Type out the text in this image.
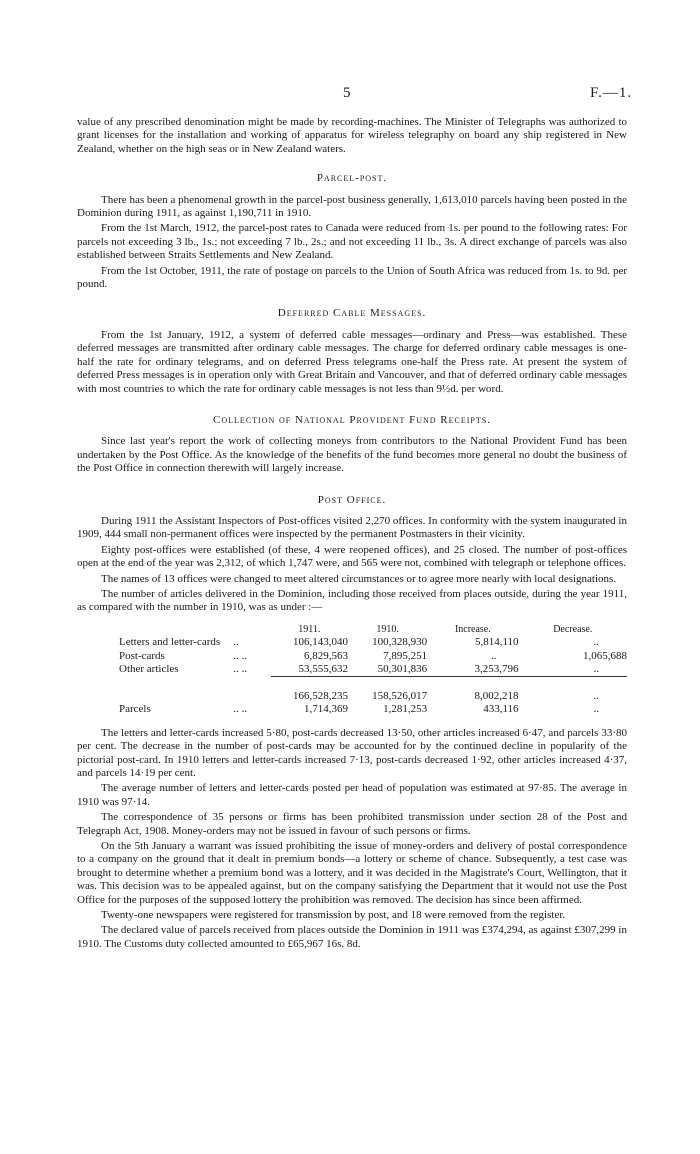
5	F.—1.

value of any prescribed denomination might be made by recording-machines. The Minister of Telegraphs was authorized to grant licenses for the installation and working of apparatus for wireless telegraphy on board any ship registered in New Zealand, whether on the high seas or in New Zealand waters.

Parcel-post.

There has been a phenomenal growth in the parcel-post business generally, 1,613,010 parcels having been posted in the Dominion during 1911, as against 1,190,711 in 1910.

From the 1st March, 1912, the parcel-post rates to Canada were reduced from 1s. per pound to the following rates: For parcels not exceeding 3 lb., 1s.; not exceeding 7 lb., 2s.; and not exceeding 11 lb., 3s. A direct exchange of parcels was also established between Straits Settlements and New Zealand.

From the 1st October, 1911, the rate of postage on parcels to the Union of South Africa was reduced from 1s. to 9d. per pound.

Deferred Cable Messages.

From the 1st January, 1912, a system of deferred cable messages—ordinary and Press—was established. These deferred messages are transmitted after ordinary cable messages. The charge for deferred ordinary cable messages is one-half the rate for ordinary telegrams, and on deferred Press telegrams one-half the Press rate. At present the system of deferred Press messages is in operation only with Great Britain and Vancouver, and that of deferred ordinary cable messages with most countries to which the rate for ordinary cable messages is not less than 9½d. per word.

Collection of National Provident Fund Receipts.

Since last year's report the work of collecting moneys from contributors to the National Provident Fund has been undertaken by the Post Office. As the knowledge of the benefits of the fund becomes more general no doubt the business of the Post Office in connection therewith will largely increase.

Post Office.

During 1911 the Assistant Inspectors of Post-offices visited 2,270 offices. In conformity with the system inaugurated in 1909, 444 small non-permanent offices were inspected by the permanent Postmasters in their vicinity.

Eighty post-offices were established (of these, 4 were reopened offices), and 25 closed. The number of post-offices open at the end of the year was 2,312, of which 1,747 were, and 565 were not, combined with telegraph or telephone offices.

The names of 13 offices were changed to meet altered circumstances or to agree more nearly with local designations.

The number of articles delivered in the Dominion, including those received from places outside, during the year 1911, as compared with the number in 1910, was as under :—

		1911.	1910.	Increase.	Decrease.
Letters and letter-cards	..	106,143,040	100,328,930	5,814,110	..
Post-cards	.. ..	6,829,563	7,895,251	..	1,065,688
Other articles	.. ..	53,555,632	50,301,836	3,253,796	..

		166,528,235	158,526,017	8,002,218	..
Parcels	.. ..	1,714,369	1,281,253	433,116	..

The letters and letter-cards increased 5·80, post-cards decreased 13·50, other articles increased 6·47, and parcels 33·80 per cent. The decrease in the number of post-cards may be accounted for by the continued decline in popularity of the pictorial post-card. In 1910 letters and letter-cards increased 7·13, post-cards decreased 1·92, other articles increased 4·37, and parcels 14·19 per cent.

The average number of letters and letter-cards posted per head of population was estimated at 97·85. The average in 1910 was 97·14.

The correspondence of 35 persons or firms has been prohibited transmission under section 28 of the Post and Telegraph Act, 1908. Money-orders may not be issued in favour of such persons or firms.

On the 5th January a warrant was issued prohibiting the issue of money-orders and delivery of postal correspondence to a company on the ground that it dealt in premium bonds—a lottery or scheme of chance. Subsequently, a test case was brought to determine whether a premium bond was a lottery, and it was decided in the Magistrate's Court, Wellington, that it was. This decision was to be appealed against, but on the company satisfying the Department that it would not use the Post Office for the purposes of the supposed lottery the prohibition was removed. The decision has since been affirmed.

Twenty-one newspapers were registered for transmission by post, and 18 were removed from the register.

The declared value of parcels received from places outside the Dominion in 1911 was £374,294, as against £307,299 in 1910. The Customs duty collected amounted to £65,967 16s. 8d.
